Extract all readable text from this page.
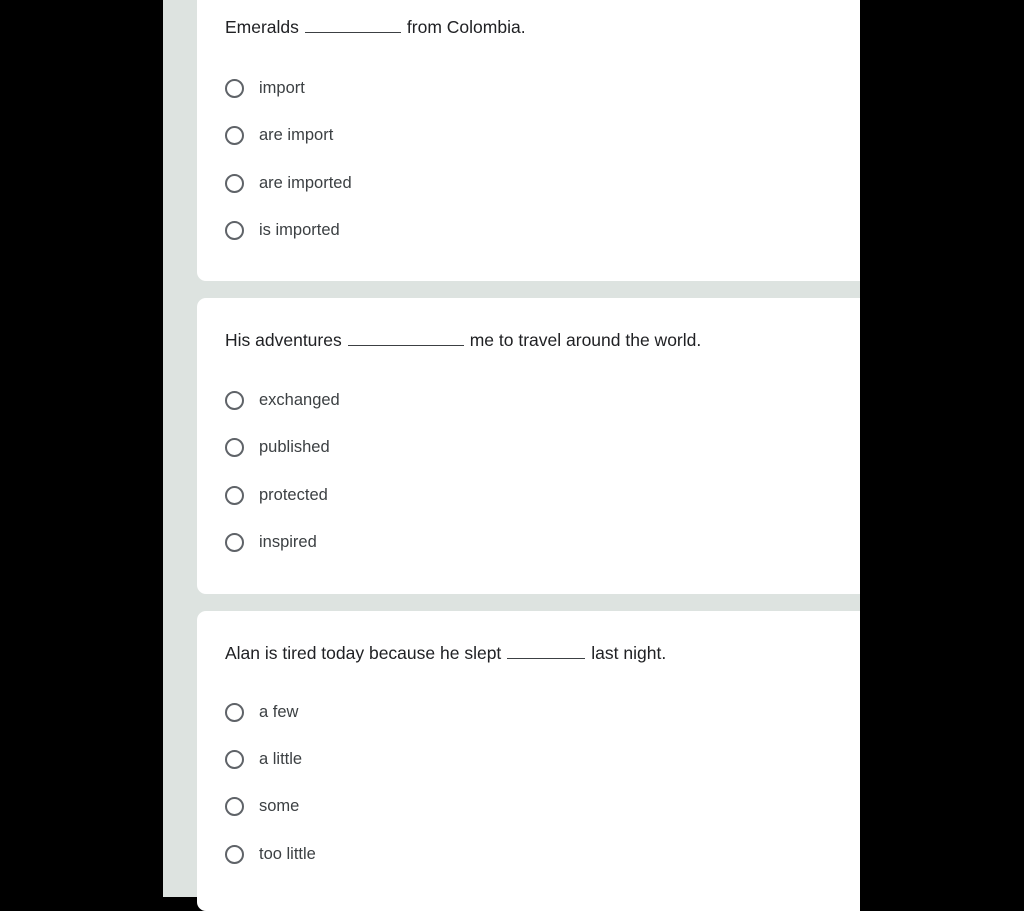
Emeralds	from Colombia.
import
are import
are imported
is imported
His adventures	me to travel around the world.
exchanged
published
protected
inspired
Alan is tired today because he slept	last night.
a few
a little
some
too little
